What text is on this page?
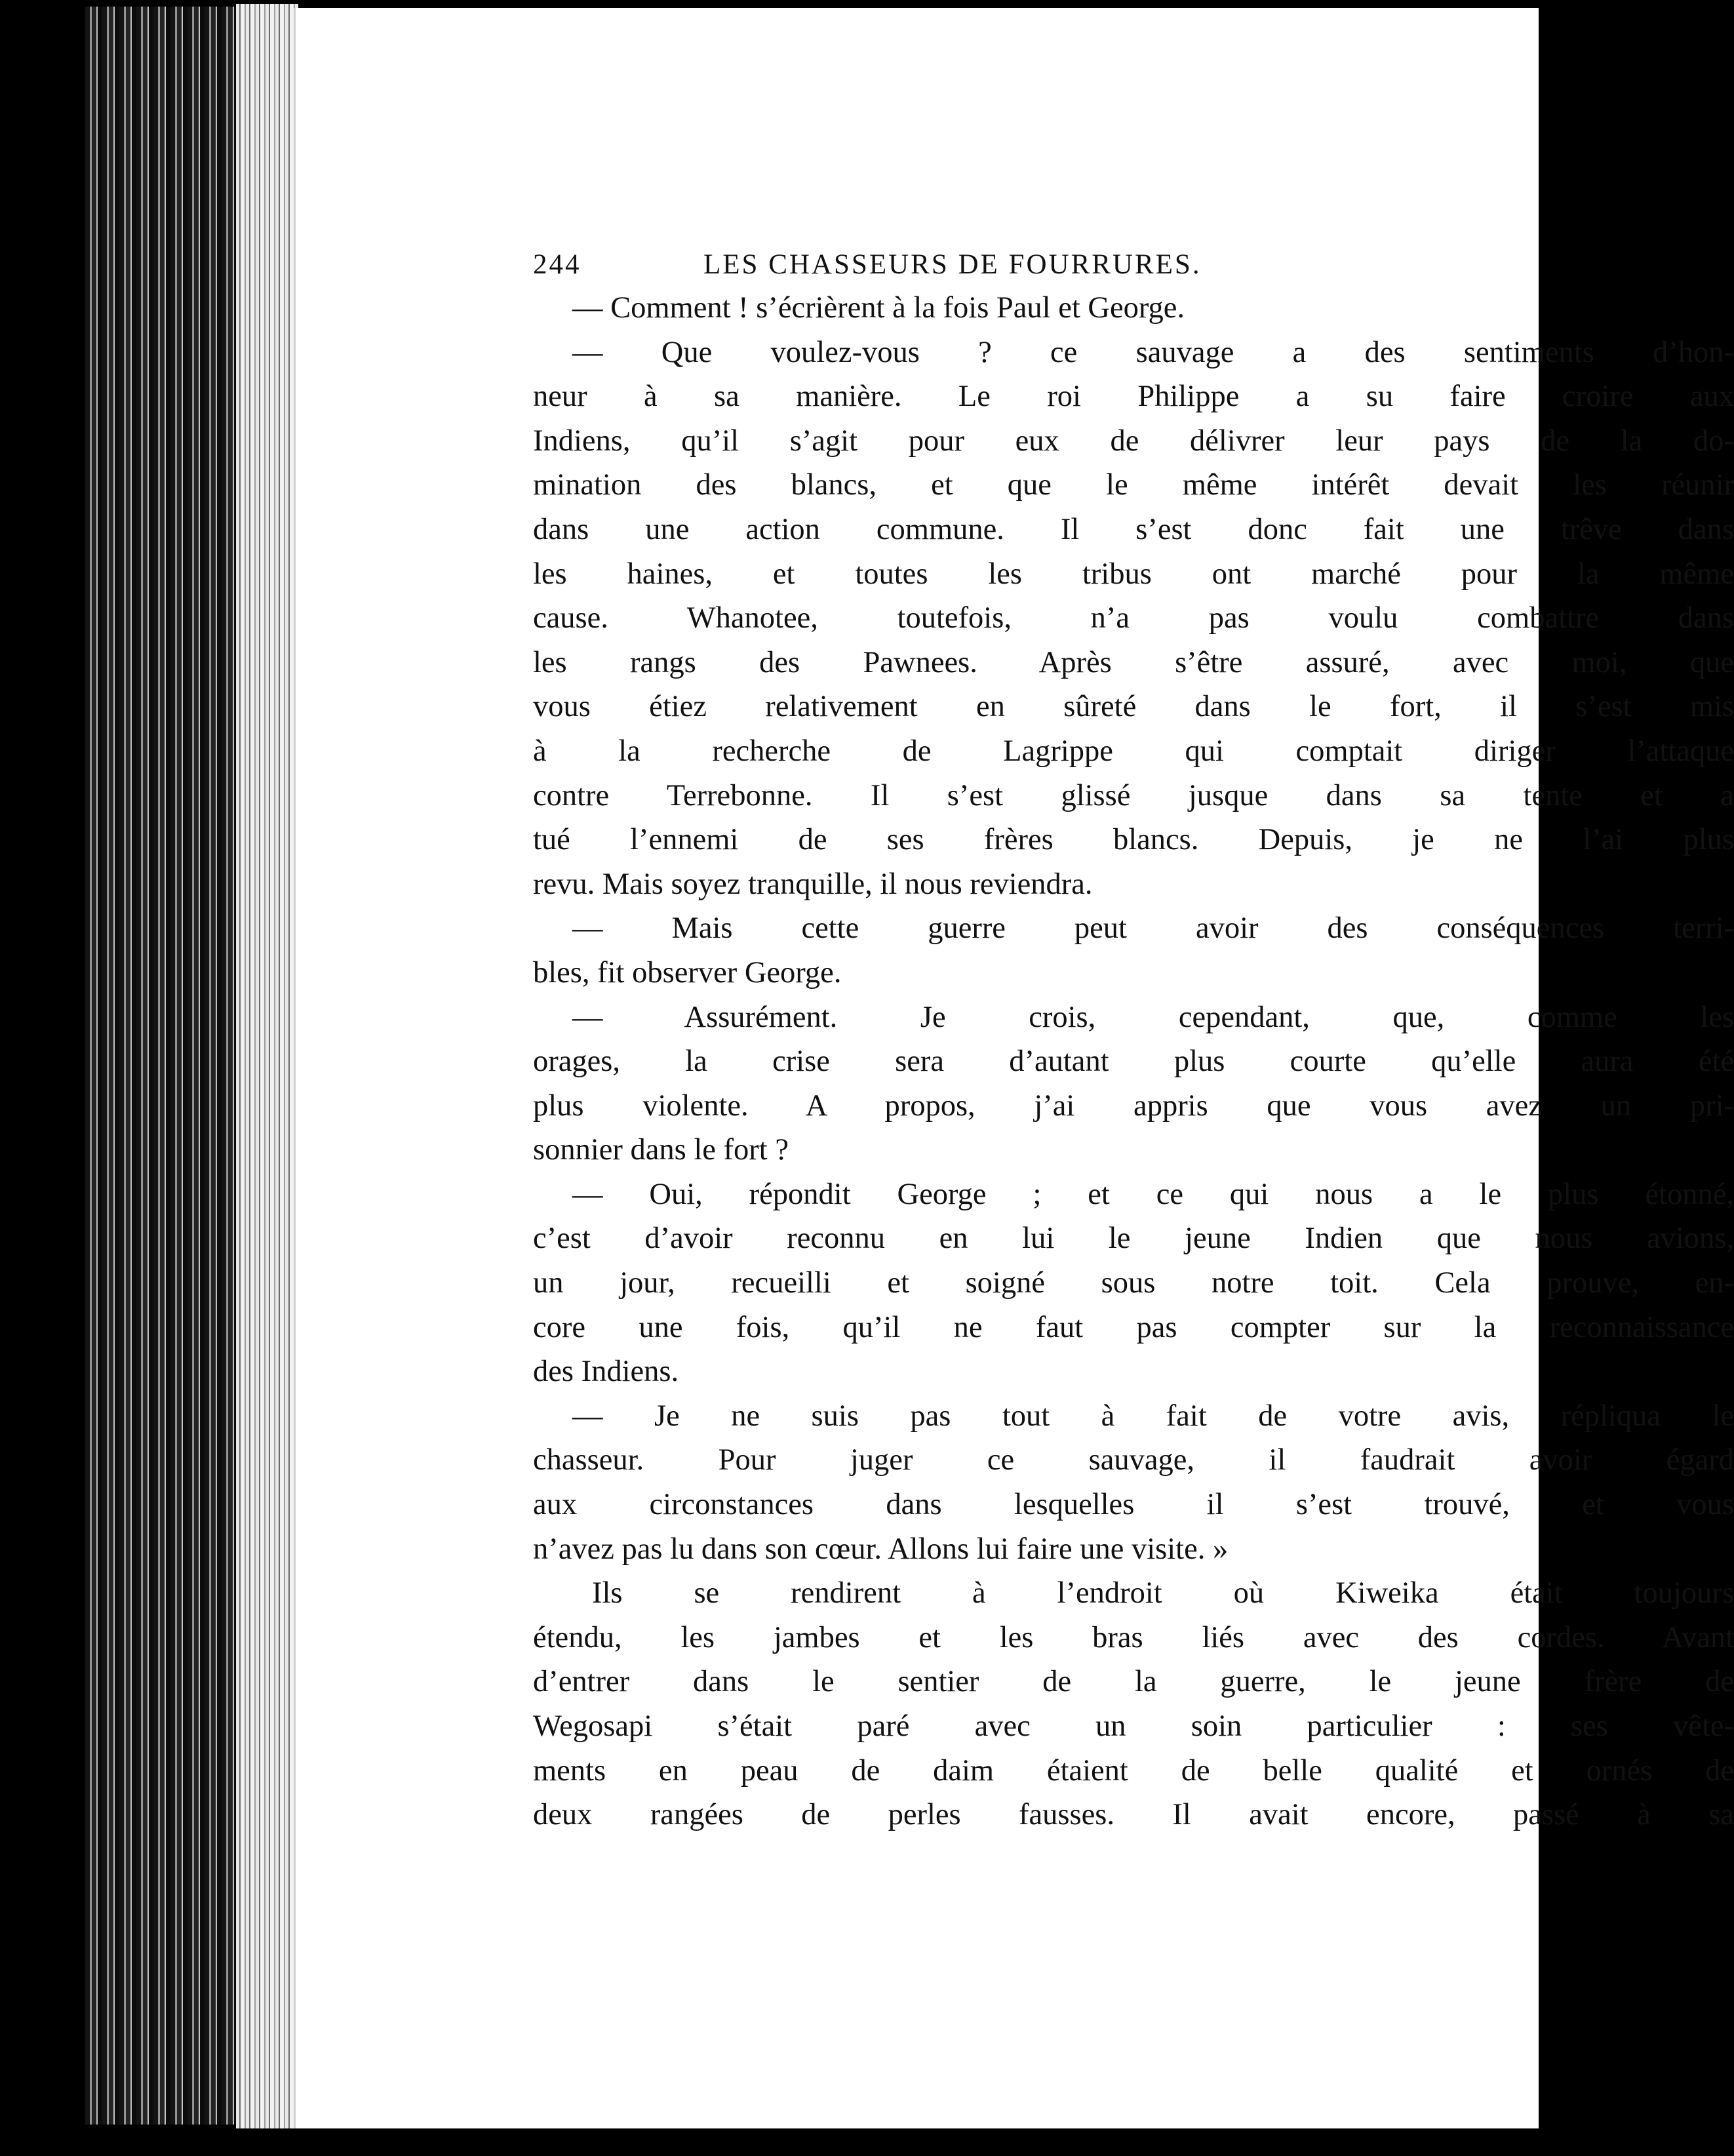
244	LES CHASSEURS DE FOURRURES.
— Comment ! s’écrièrent à la fois Paul et George.
— Que voulez-vous ? ce sauvage a des sentiments d’hon-
neur à sa manière. Le roi Philippe a su faire croire aux
Indiens, qu’il s’agit pour eux de délivrer leur pays de la do-
mination des blancs, et que le même intérêt devait les réunir
dans une action commune. Il s’est donc fait une trêve dans
les haines, et toutes les tribus ont marché pour la même
cause. Whanotee, toutefois, n’a pas voulu combattre dans
les rangs des Pawnees. Après s’être assuré, avec moi, que
vous étiez relativement en sûreté dans le fort, il s’est mis
à la recherche de Lagrippe qui comptait diriger l’attaque
contre Terrebonne. Il s’est glissé jusque dans sa tente et a
tué l’ennemi de ses frères blancs. Depuis, je ne l’ai plus
revu. Mais soyez tranquille, il nous reviendra.
— Mais cette guerre peut avoir des conséquences terri-
bles, fit observer George.
— Assurément. Je crois, cependant, que, comme les
orages, la crise sera d’autant plus courte qu’elle aura été
plus violente. A propos, j’ai appris que vous avez un pri-
sonnier dans le fort ?
— Oui, répondit George ; et ce qui nous a le plus étonné,
c’est d’avoir reconnu en lui le jeune Indien que nous avions,
un jour, recueilli et soigné sous notre toit. Cela prouve, en-
core une fois, qu’il ne faut pas compter sur la reconnaissance
des Indiens.
— Je ne suis pas tout à fait de votre avis, répliqua le
chasseur. Pour juger ce sauvage, il faudrait avoir égard
aux circonstances dans lesquelles il s’est trouvé, et vous
n’avez pas lu dans son cœur. Allons lui faire une visite. »
Ils se rendirent à l’endroit où Kiweika était toujours
étendu, les jambes et les bras liés avec des cordes. Avant
d’entrer dans le sentier de la guerre, le jeune frère de
Wegosapi s’était paré avec un soin particulier : ses vête-
ments en peau de daim étaient de belle qualité et ornés de
deux rangées de perles fausses. Il avait encore, passé à sa
